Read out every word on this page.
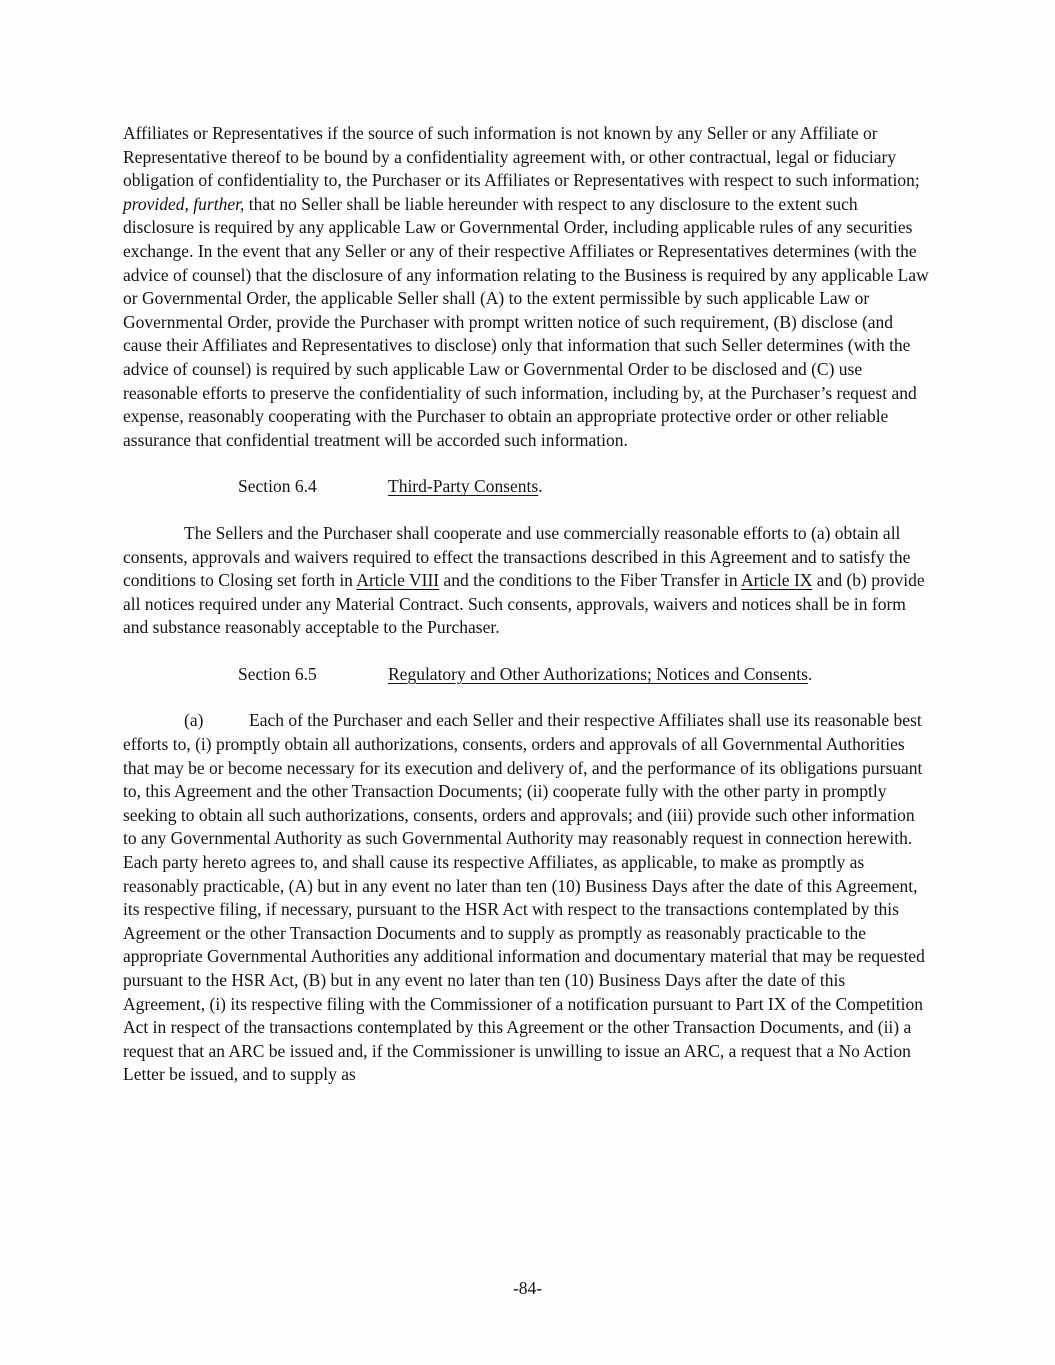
Affiliates or Representatives if the source of such information is not known by any Seller or any Affiliate or Representative thereof to be bound by a confidentiality agreement with, or other contractual, legal or fiduciary obligation of confidentiality to, the Purchaser or its Affiliates or Representatives with respect to such information; provided, further, that no Seller shall be liable hereunder with respect to any disclosure to the extent such disclosure is required by any applicable Law or Governmental Order, including applicable rules of any securities exchange. In the event that any Seller or any of their respective Affiliates or Representatives determines (with the advice of counsel) that the disclosure of any information relating to the Business is required by any applicable Law or Governmental Order, the applicable Seller shall (A) to the extent permissible by such applicable Law or Governmental Order, provide the Purchaser with prompt written notice of such requirement, (B) disclose (and cause their Affiliates and Representatives to disclose) only that information that such Seller determines (with the advice of counsel) is required by such applicable Law or Governmental Order to be disclosed and (C) use reasonable efforts to preserve the confidentiality of such information, including by, at the Purchaser’s request and expense, reasonably cooperating with the Purchaser to obtain an appropriate protective order or other reliable assurance that confidential treatment will be accorded such information.

Section 6.4	Third-Party Consents.

The Sellers and the Purchaser shall cooperate and use commercially reasonable efforts to (a) obtain all consents, approvals and waivers required to effect the transactions described in this Agreement and to satisfy the conditions to Closing set forth in Article VIII and the conditions to the Fiber Transfer in Article IX and (b) provide all notices required under any Material Contract. Such consents, approvals, waivers and notices shall be in form and substance reasonably acceptable to the Purchaser.

Section 6.5	Regulatory and Other Authorizations; Notices and Consents.

(a)	Each of the Purchaser and each Seller and their respective Affiliates shall use its reasonable best efforts to, (i) promptly obtain all authorizations, consents, orders and approvals of all Governmental Authorities that may be or become necessary for its execution and delivery of, and the performance of its obligations pursuant to, this Agreement and the other Transaction Documents; (ii) cooperate fully with the other party in promptly seeking to obtain all such authorizations, consents, orders and approvals; and (iii) provide such other information to any Governmental Authority as such Governmental Authority may reasonably request in connection herewith. Each party hereto agrees to, and shall cause its respective Affiliates, as applicable, to make as promptly as reasonably practicable, (A) but in any event no later than ten (10) Business Days after the date of this Agreement, its respective filing, if necessary, pursuant to the HSR Act with respect to the transactions contemplated by this Agreement or the other Transaction Documents and to supply as promptly as reasonably practicable to the appropriate Governmental Authorities any additional information and documentary material that may be requested pursuant to the HSR Act, (B) but in any event no later than ten (10) Business Days after the date of this Agreement, (i) its respective filing with the Commissioner of a notification pursuant to Part IX of the Competition Act in respect of the transactions contemplated by this Agreement or the other Transaction Documents, and (ii) a request that an ARC be issued and, if the Commissioner is unwilling to issue an ARC, a request that a No Action Letter be issued, and to supply as

-84-
